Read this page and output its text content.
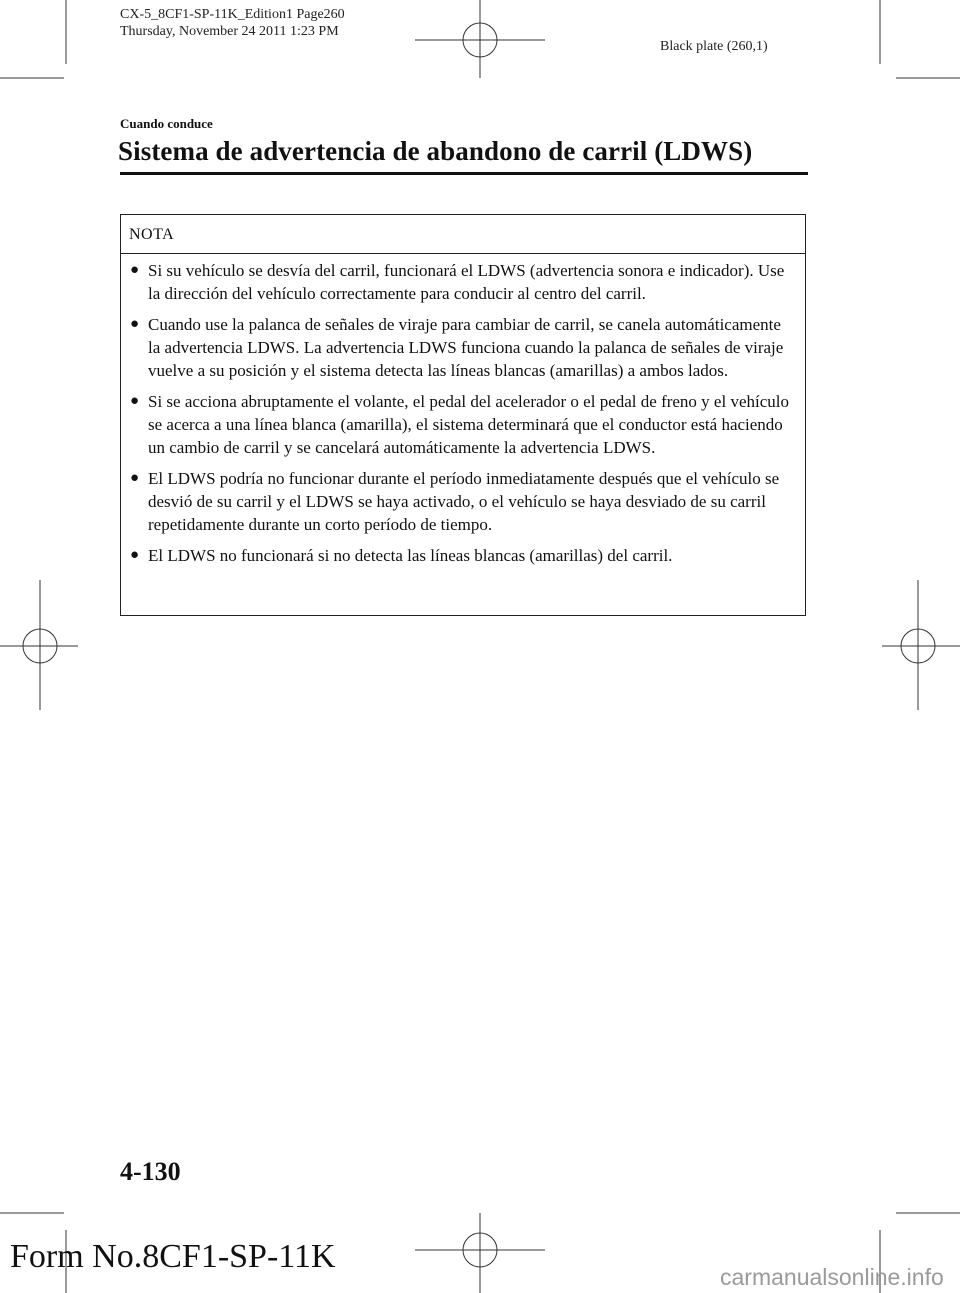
CX-5_8CF1-SP-11K_Edition1 Page260
Thursday, November 24 2011 1:23 PM
Black plate (260,1)
Cuando conduce
Sistema de advertencia de abandono de carril (LDWS)
NOTA
● Si su vehículo se desvía del carril, funcionará el LDWS (advertencia sonora e indicador). Use la dirección del vehículo correctamente para conducir al centro del carril.
● Cuando use la palanca de señales de viraje para cambiar de carril, se canela automáticamente la advertencia LDWS. La advertencia LDWS funciona cuando la palanca de señales de viraje vuelve a su posición y el sistema detecta las líneas blancas (amarillas) a ambos lados.
● Si se acciona abruptamente el volante, el pedal del acelerador o el pedal de freno y el vehículo se acerca a una línea blanca (amarilla), el sistema determinará que el conductor está haciendo un cambio de carril y se cancelará automáticamente la advertencia LDWS.
● El LDWS podría no funcionar durante el período inmediatamente después que el vehículo se desvió de su carril y el LDWS se haya activado, o el vehículo se haya desviado de su carril repetidamente durante un corto período de tiempo.
● El LDWS no funcionará si no detecta las líneas blancas (amarillas) del carril.
4-130
Form No.8CF1-SP-11K
carmanualsonline.info
